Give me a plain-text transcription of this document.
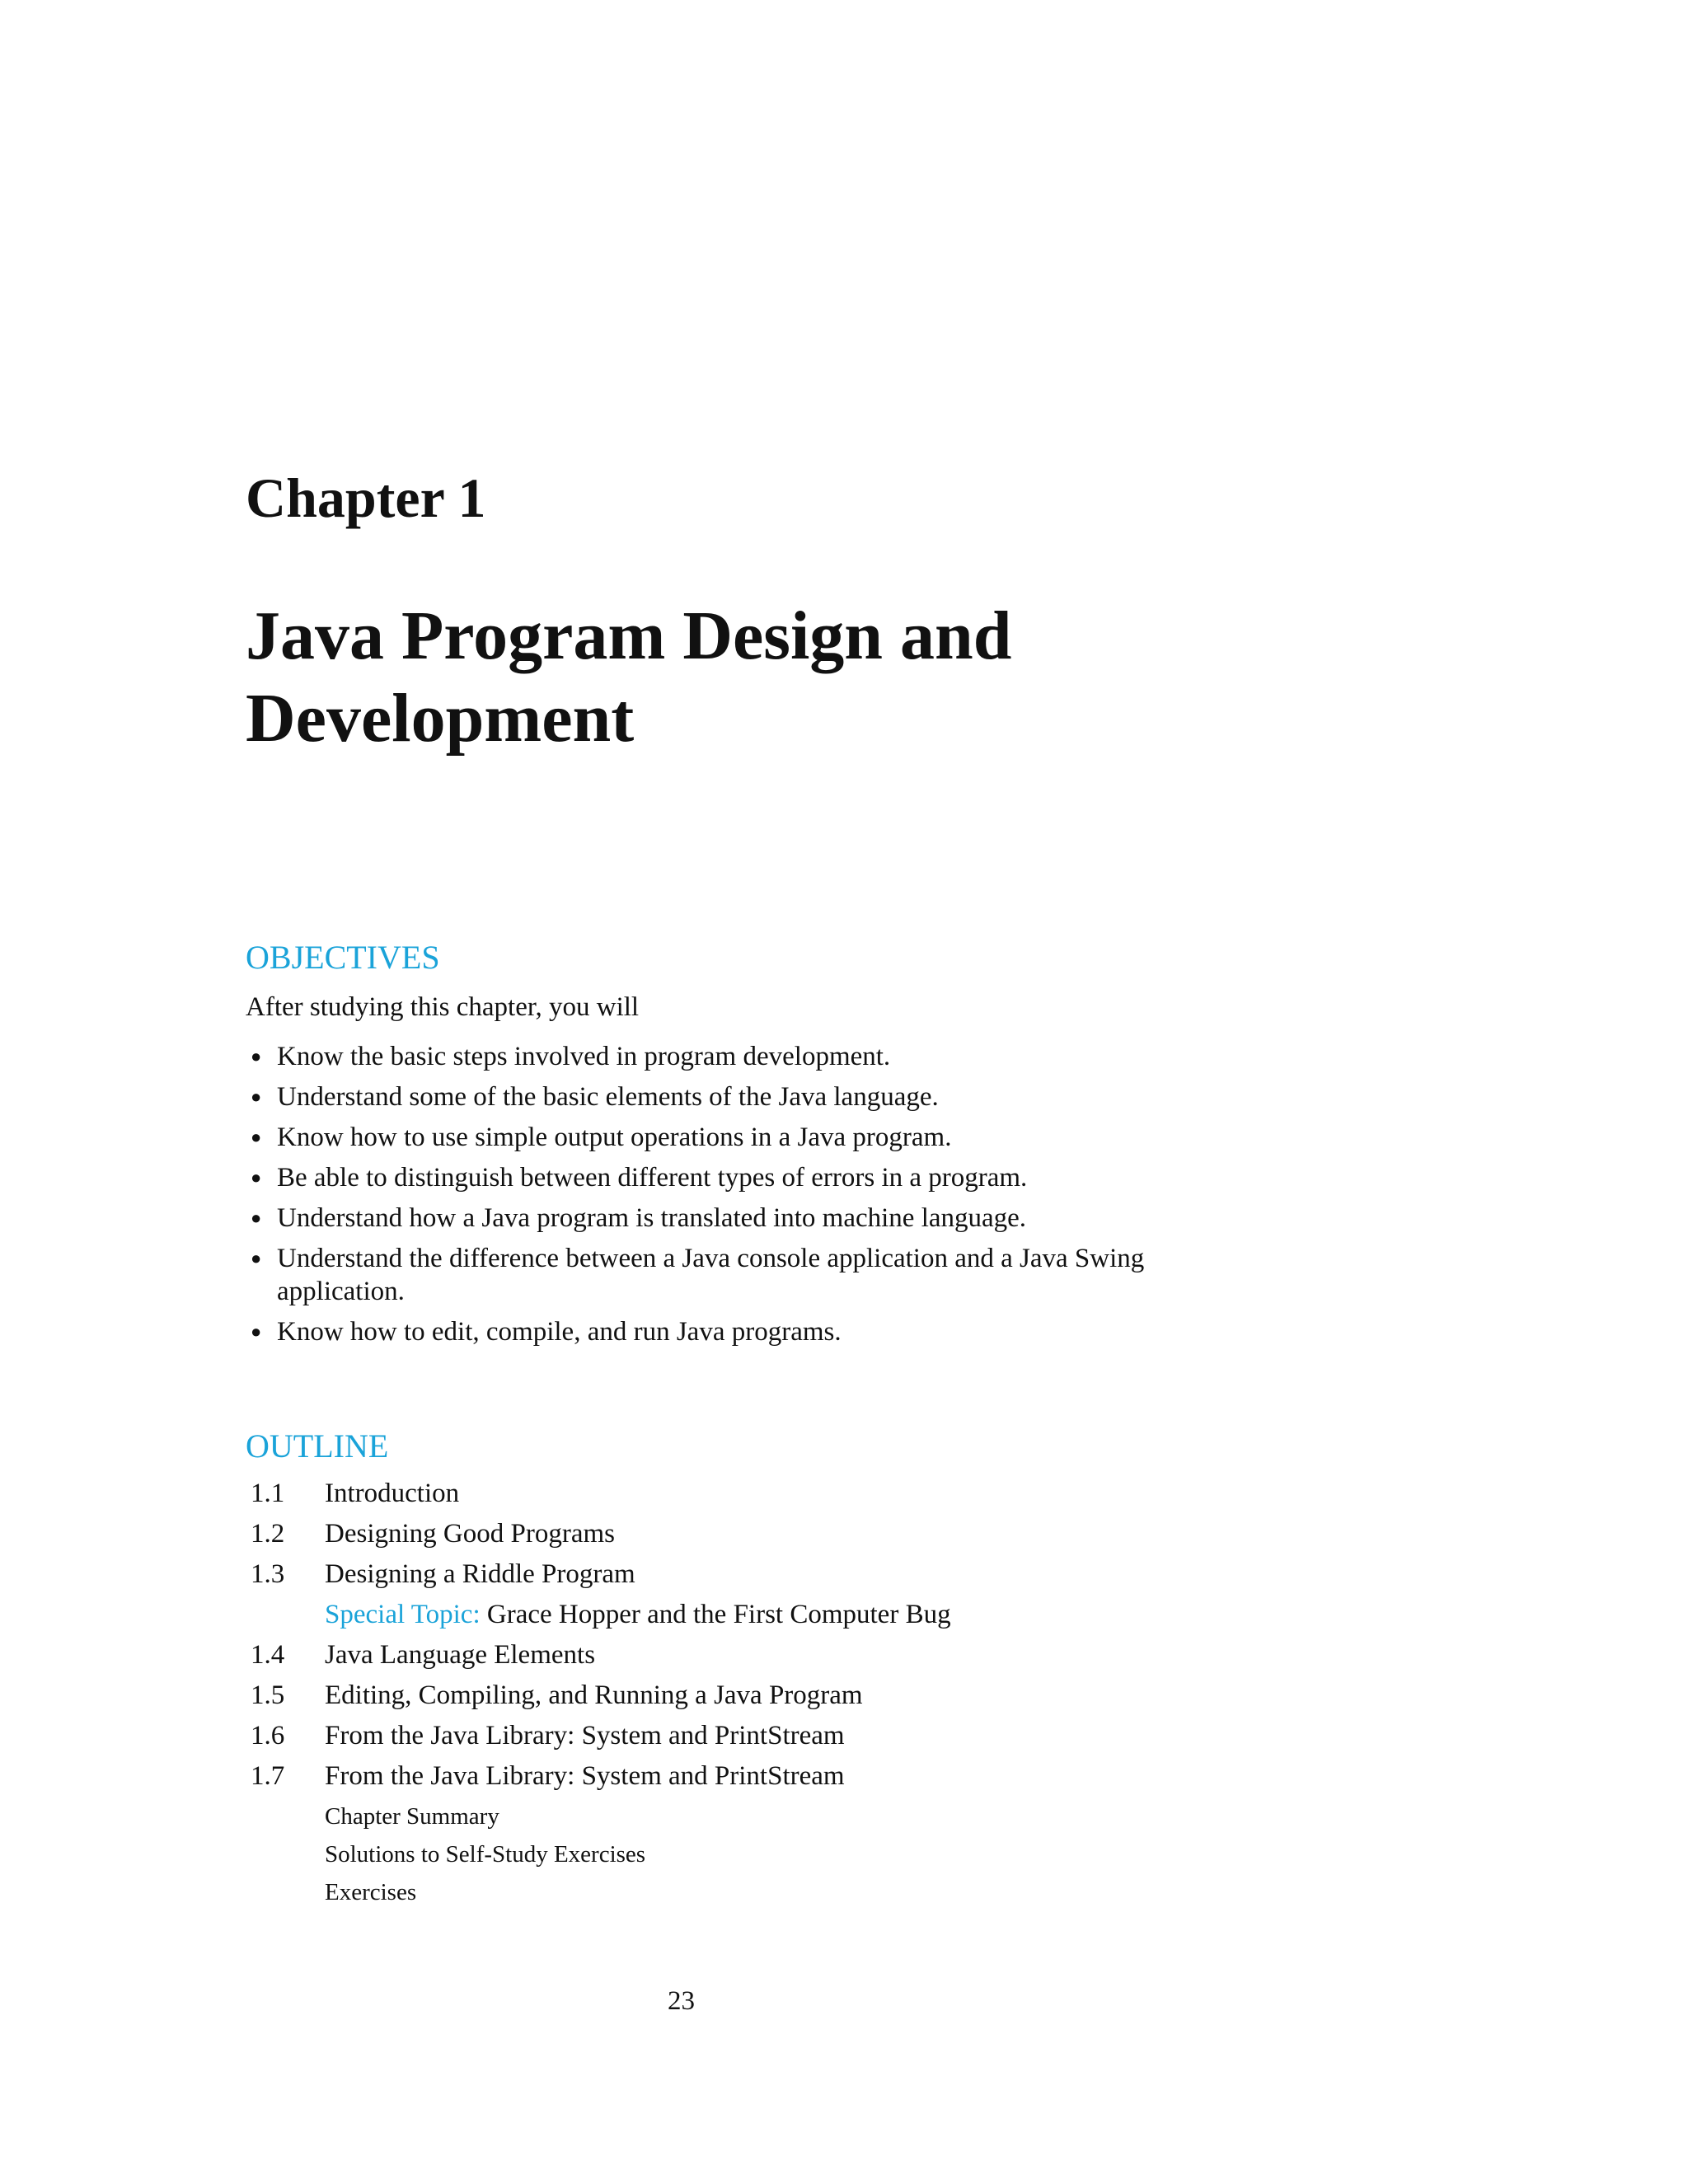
Chapter 1
Java Program Design and
Development
OBJECTIVES
After studying this chapter, you will
● Know the basic steps involved in program development.
● Understand some of the basic elements of the Java language.
● Know how to use simple output operations in a Java program.
● Be able to distinguish between different types of errors in a program.
● Understand how a Java program is translated into machine language.
● Understand the difference between a Java console application and a Java Swing application.
● Know how to edit, compile, and run Java programs.
OUTLINE
1.1 Introduction
1.2 Designing Good Programs
1.3 Designing a Riddle Program
Special Topic: Grace Hopper and the First Computer Bug
1.4 Java Language Elements
1.5 Editing, Compiling, and Running a Java Program
1.6 From the Java Library: System and PrintStream
1.7 From the Java Library: System and PrintStream
Chapter Summary
Solutions to Self-Study Exercises
Exercises
23
